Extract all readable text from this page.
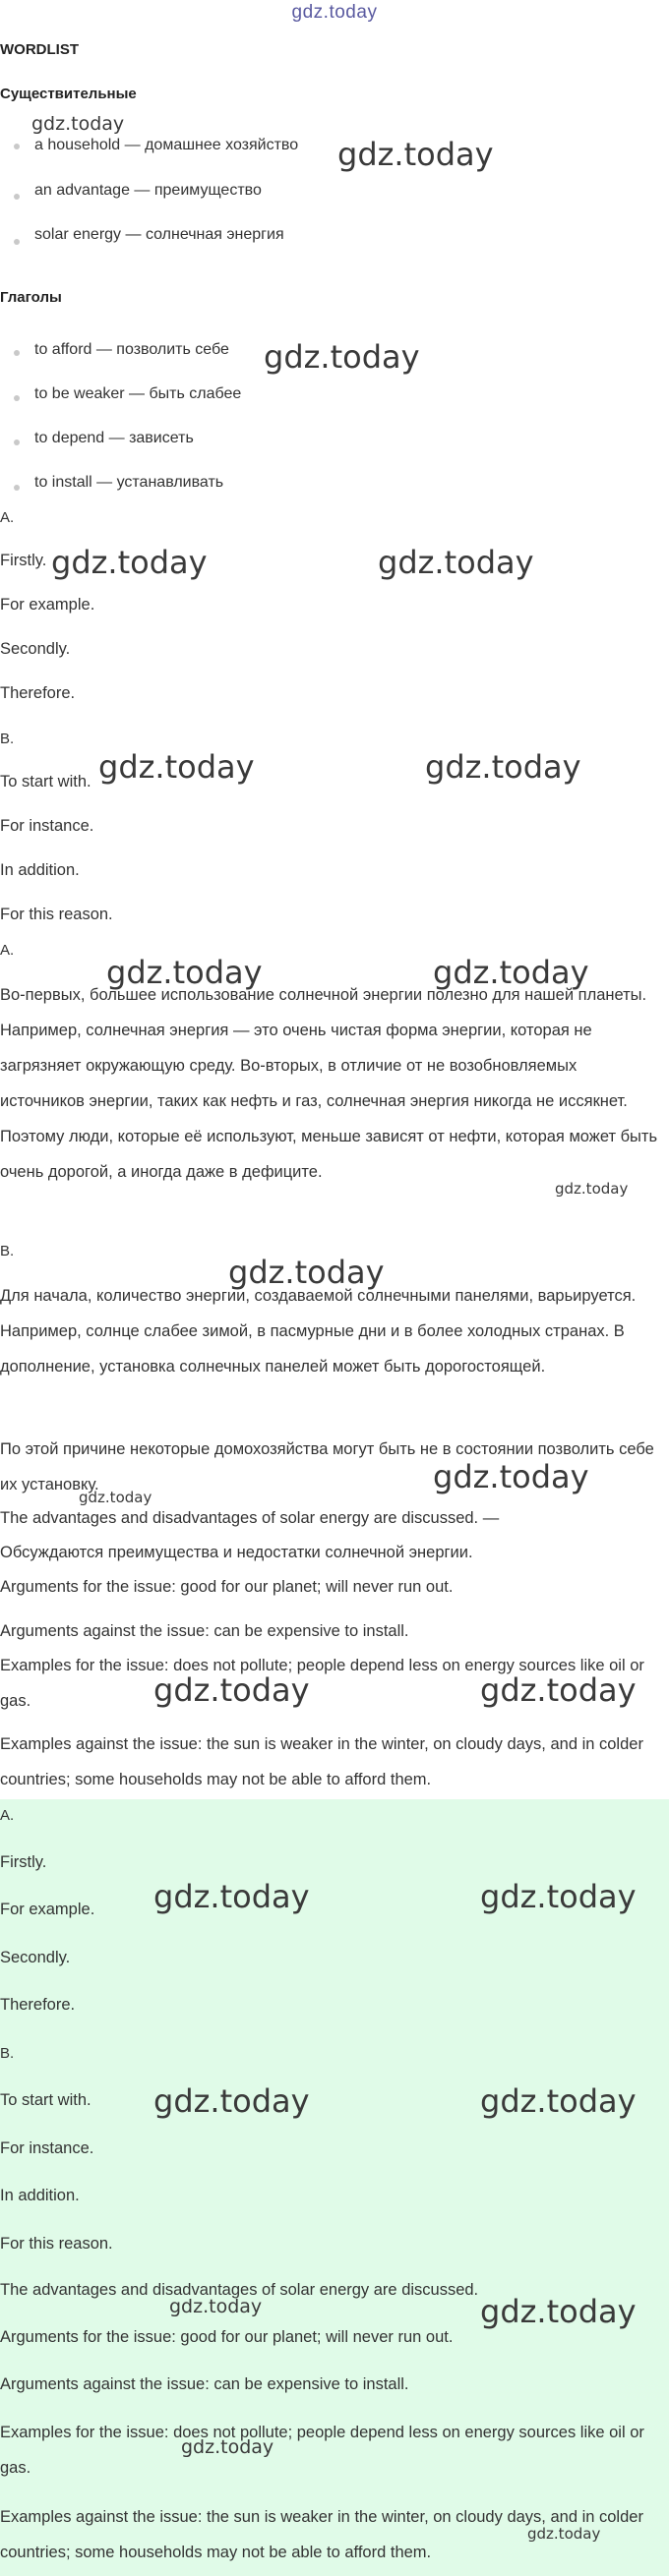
gdz.today
WORDLIST
Существительные
a household — домашнее хозяйство
an advantage — преимущество
solar energy — солнечная энергия
Глаголы
to afford — позволить себе
to be weaker — быть слабее
to depend — зависеть
to install — устанавливать
A.
Firstly.
For example.
Secondly.
Therefore.
B.
To start with.
For instance.
In addition.
For this reason.
A.
Во-первых, большее использование солнечной энергии полезно для нашей планеты. Например, солнечная энергия — это очень чистая форма энергии, которая не загрязняет окружающую среду. Во-вторых, в отличие от не возобновляемых источников энергии, таких как нефть и газ, солнечная энергия никогда не иссякнет. Поэтому люди, которые её используют, меньше зависят от нефти, которая может быть очень дорогой, а иногда даже в дефиците.
B.
Для начала, количество энергии, создаваемой солнечными панелями, варьируется. Например, солнце слабее зимой, в пасмурные дни и в более холодных странах. В дополнение, установка солнечных панелей может быть дорогостоящей.
По этой причине некоторые домохозяйства могут быть не в состоянии позволить себе их установку.
The advantages and disadvantages of solar energy are discussed. —
Обсуждаются преимущества и недостатки солнечной энергии.
Arguments for the issue: good for our planet; will never run out.
Arguments against the issue: can be expensive to install.
Examples for the issue: does not pollute; people depend less on energy sources like oil or gas.
Examples against the issue: the sun is weaker in the winter, on cloudy days, and in colder countries; some households may not be able to afford them.
A.
Firstly.
For example.
Secondly.
Therefore.
B.
To start with.
For instance.
In addition.
For this reason.
The advantages and disadvantages of solar energy are discussed.
Arguments for the issue: good for our planet; will never run out.
Arguments against the issue: can be expensive to install.
Examples for the issue: does not pollute; people depend less on energy sources like oil or gas.
Examples against the issue: the sun is weaker in the winter, on cloudy days, and in colder countries; some households may not be able to afford them.
gdz.today
gdz.today
gdz.today
gdz.today	gdz.today
gdz.today	gdz.today
gdz.today	gdz.today
gdz.today
gdz.today
gdz.today
gdz.today
gdz.today	gdz.today
gdz.today	gdz.today
gdz.today	gdz.today
gdz.today	gdz.today
gdz.today
gdz.today
